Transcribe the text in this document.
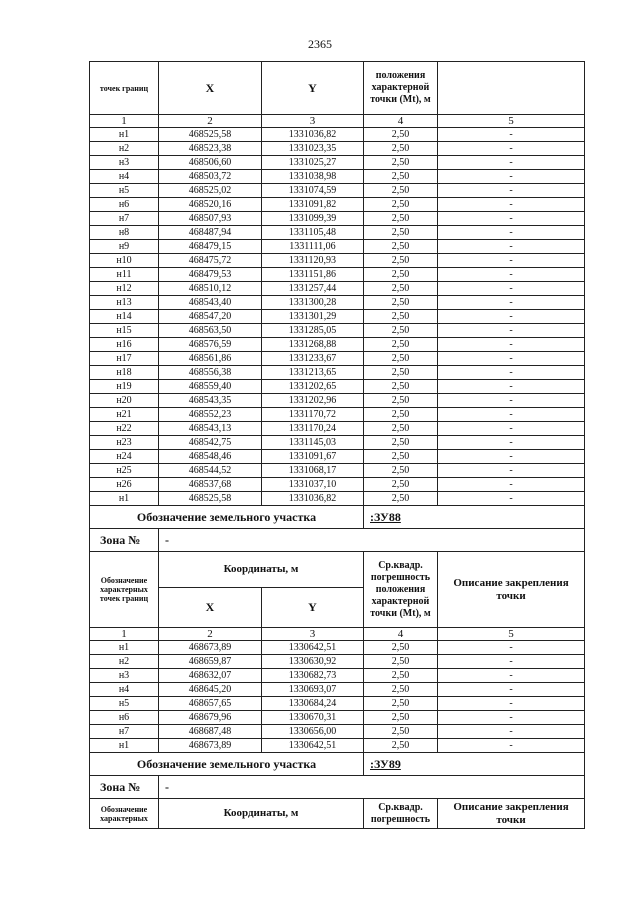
2365
точек границ	X	Y	положения характерной точки (Mt), м	
1	2	3	4	5
н1	468525,58	1331036,82	2,50	-
н2	468523,38	1331023,35	2,50	-
н3	468506,60	1331025,27	2,50	-
н4	468503,72	1331038,98	2,50	-
н5	468525,02	1331074,59	2,50	-
н6	468520,16	1331091,82	2,50	-
н7	468507,93	1331099,39	2,50	-
н8	468487,94	1331105,48	2,50	-
н9	468479,15	1331111,06	2,50	-
н10	468475,72	1331120,93	2,50	-
н11	468479,53	1331151,86	2,50	-
н12	468510,12	1331257,44	2,50	-
н13	468543,40	1331300,28	2,50	-
н14	468547,20	1331301,29	2,50	-
н15	468563,50	1331285,05	2,50	-
н16	468576,59	1331268,88	2,50	-
н17	468561,86	1331233,67	2,50	-
н18	468556,38	1331213,65	2,50	-
н19	468559,40	1331202,65	2,50	-
н20	468543,35	1331202,96	2,50	-
н21	468552,23	1331170,72	2,50	-
н22	468543,13	1331170,24	2,50	-
н23	468542,75	1331145,03	2,50	-
н24	468548,46	1331091,67	2,50	-
н25	468544,52	1331068,17	2,50	-
н26	468537,68	1331037,10	2,50	-
н1	468525,58	1331036,82	2,50	-
Обозначение земельного участка			:ЗУ88	
Зона №	-			
Обозначение характерных точек границ	Координаты, м		Ср.квадр. погрешность положения характерной точки (Mt), м	Описание закрепления точки
	X	Y		
1	2	3	4	5
н1	468673,89	1330642,51	2,50	-
н2	468659,87	1330630,92	2,50	-
н3	468632,07	1330682,73	2,50	-
н4	468645,20	1330693,07	2,50	-
н5	468657,65	1330684,24	2,50	-
н6	468679,96	1330670,31	2,50	-
н7	468687,48	1330656,00	2,50	-
н1	468673,89	1330642,51	2,50	-
Обозначение земельного участка			:ЗУ89	
Зона №	-			
Обозначение характерных	Координаты, м		Ср.квадр. погрешность	Описание закрепления точки
